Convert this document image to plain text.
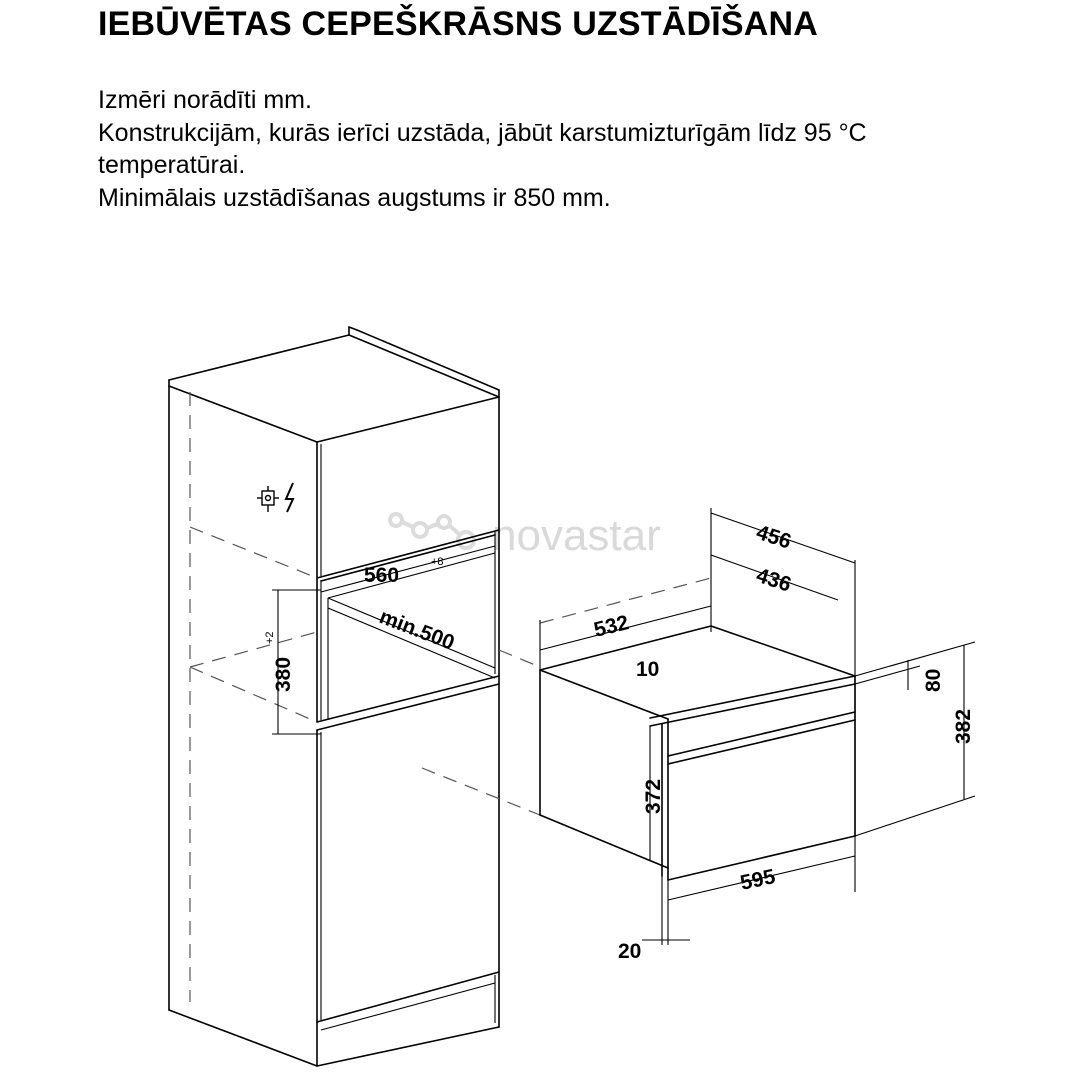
IEBŪVĒTAS CEPEŠKRĀSNS UZSTĀDĪŠANA
Izmēri norādīti mm.
Konstrukcijām, kurās ierīci uzstāda, jābūt karstumizturīgām līdz 95 °C
temperatūrai.
Minimālais uzstādīšanas augstums ir 850 mm.
novastar
560
+8
min.500
380
+2
456
436
532
10	80
382
372
595
20
